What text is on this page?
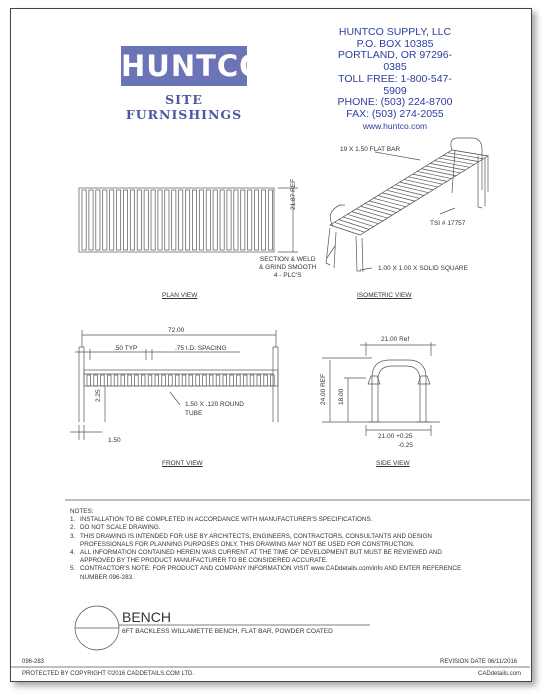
HUNTCO
SITE FURNISHINGS
HUNTCO SUPPLY, LLC
P.O. BOX 10385
PORTLAND, OR 97296-0385
TOLL FREE: 1-800-547-5909
PHONE: (503) 224-8700
FAX: (503) 274-2055
www.huntco.com
21.87 REF
PLAN VIEW
19 X 1.50 FLAT BAR
TSI # 17757
SECTION & WELD
& GRIND SMOOTH
4 - PLC'S
1.00 X 1.00 X SOLID SQUARE
ISOMETRIC VIEW
72.00
.50 TYP	.75 I.D. SPACING
2.25
1.50 X .120 ROUND
TUBE
1.50
FRONT VIEW
21.00 Ref
24.00 REF 18.00
21.00 +0.25
-0.25
SIDE VIEW
NOTES:
1. INSTALLATION TO BE COMPLETED IN ACCORDANCE WITH MANUFACTURER'S SPECIFICATIONS.
2. DO NOT SCALE DRAWING.
3. THIS DRAWING IS INTENDED FOR USE BY ARCHITECTS, ENGINEERS, CONTRACTORS, CONSULTANTS AND DESIGN PROFESSIONALS FOR PLANNING PURPOSES ONLY. THIS DRAWING MAY NOT BE USED FOR CONSTRUCTION.
4. ALL INFORMATION CONTAINED HEREIN WAS CURRENT AT THE TIME OF DEVELOPMENT BUT MUST BE REVIEWED AND APPROVED BY THE PRODUCT MANUFACTURER TO BE CONSIDERED ACCURATE.
5. CONTRACTOR'S NOTE: FOR PRODUCT AND COMPANY INFORMATION VISIT www.CADdetails.com/info AND ENTER REFERENCE NUMBER 096-283.
BENCH
6FT BACKLESS WILLAMETTE BENCH, FLAT BAR, POWDER COATED
096-283	REVISION DATE 06/11/2016
PROTECTED BY COPYRIGHT ©2016 CADDETAILS.COM LTD.	CADdetails.com
